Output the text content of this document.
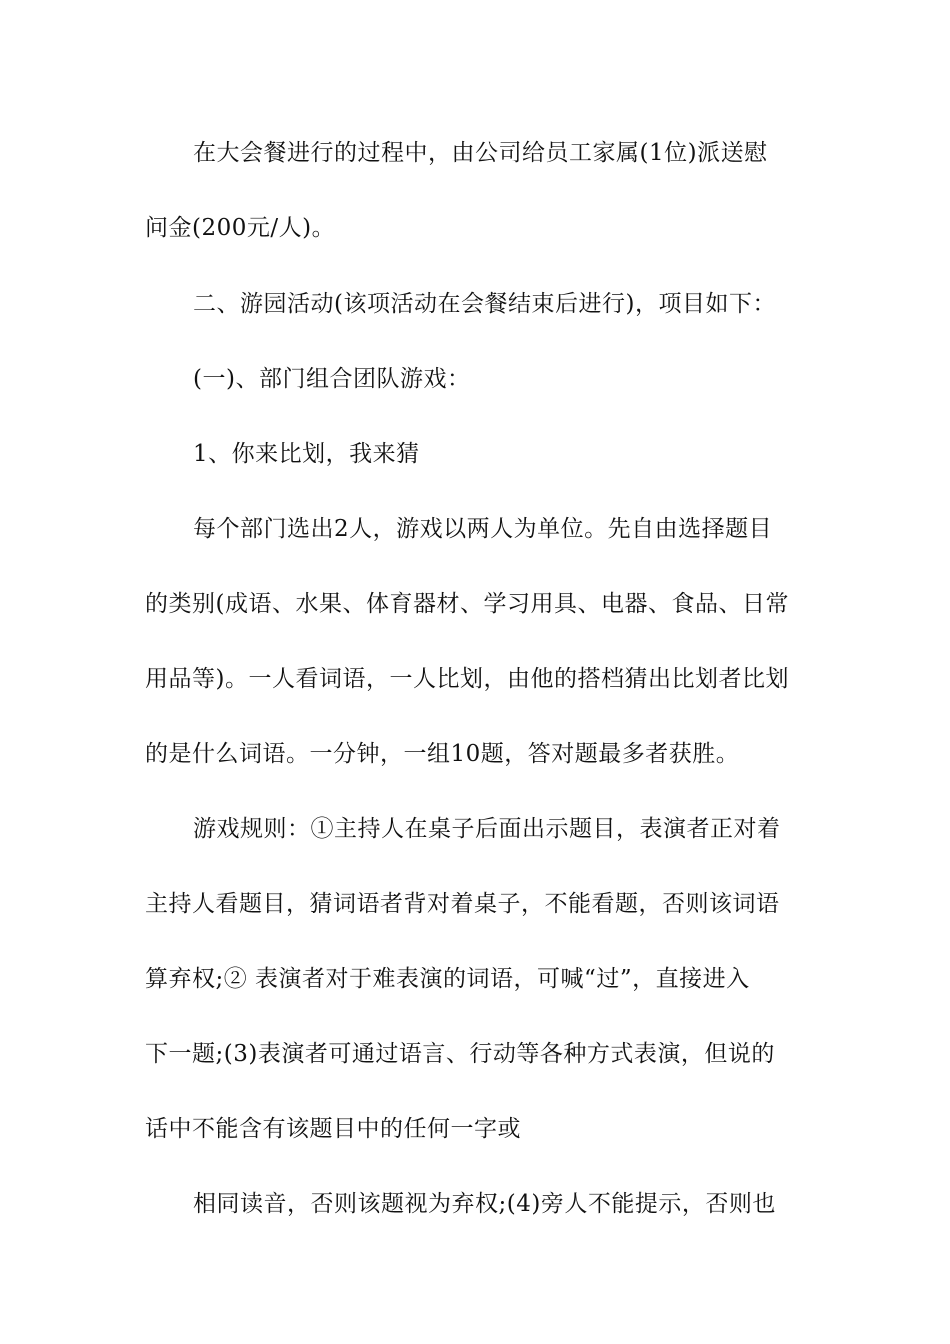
在大会餐进行的过程中，由公司给员工家属(1位)派送慰
问金(200元/人)。
二、游园活动(该项活动在会餐结束后进行)，项目如下：
(一)、部门组合团队游戏：
1、你来比划，我来猜
每个部门选出2人，游戏以两人为单位。先自由选择题目
的类别(成语、水果、体育器材、学习用具、电器、食品、日常
用品等)。一人看词语，一人比划，由他的搭档猜出比划者比划
的是什么词语。一分钟，一组10题，答对题最多者获胜。
游戏规则：①主持人在桌子后面出示题目，表演者正对着
主持人看题目，猜词语者背对着桌子，不能看题，否则该词语
算弃权;② 表演者对于难表演的词语，可喊“过”，直接进入
下一题;(3)表演者可通过语言、行动等各种方式表演，但说的
话中不能含有该题目中的任何一字或
相同读音，否则该题视为弃权;(4)旁人不能提示，否则也
